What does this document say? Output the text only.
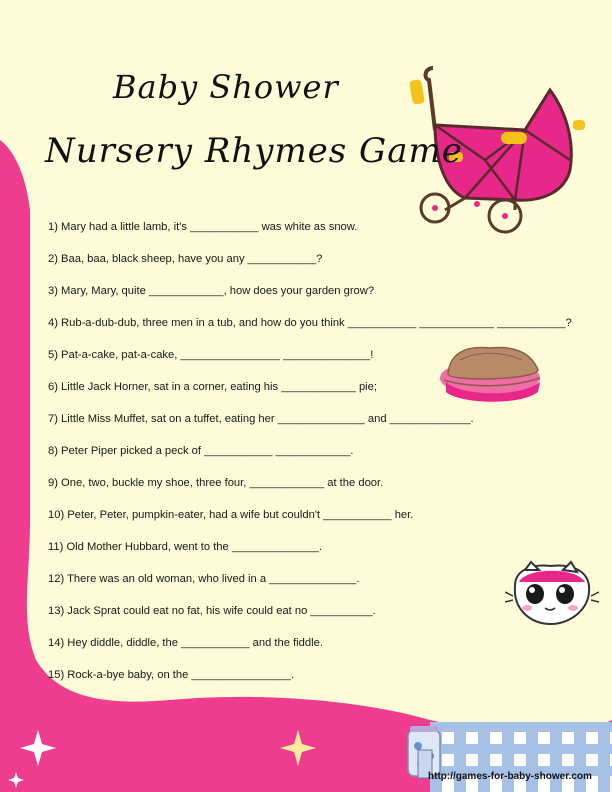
Baby Shower
Nursery Rhymes Game
1) Mary had a little lamb, it's ___________ was white as snow.
2) Baa, baa, black sheep, have you any ___________?
3) Mary, Mary, quite ____________, how does your garden grow?
4) Rub-a-dub-dub, three men in a tub, and how do you think ___________ ____________ ___________?
5) Pat-a-cake, pat-a-cake, ________________ ______________!
6) Little Jack Horner, sat in a corner, eating his ____________ pie;
7) Little Miss Muffet, sat on a tuffet, eating her ______________ and _____________.
8) Peter Piper picked a peck of ___________ ____________.
9) One, two, buckle my shoe, three four, ____________ at the door.
10) Peter, Peter, pumpkin-eater, had a wife but couldn't ___________ her.
11) Old Mother Hubbard, went to the ______________.
12) There was an old woman, who lived in a ______________.
13) Jack Sprat could eat no fat, his wife could eat no __________.
14) Hey diddle, diddle, the ___________ and the fiddle.
15) Rock-a-bye baby, on the ________________.
http://games-for-baby-shower.com
